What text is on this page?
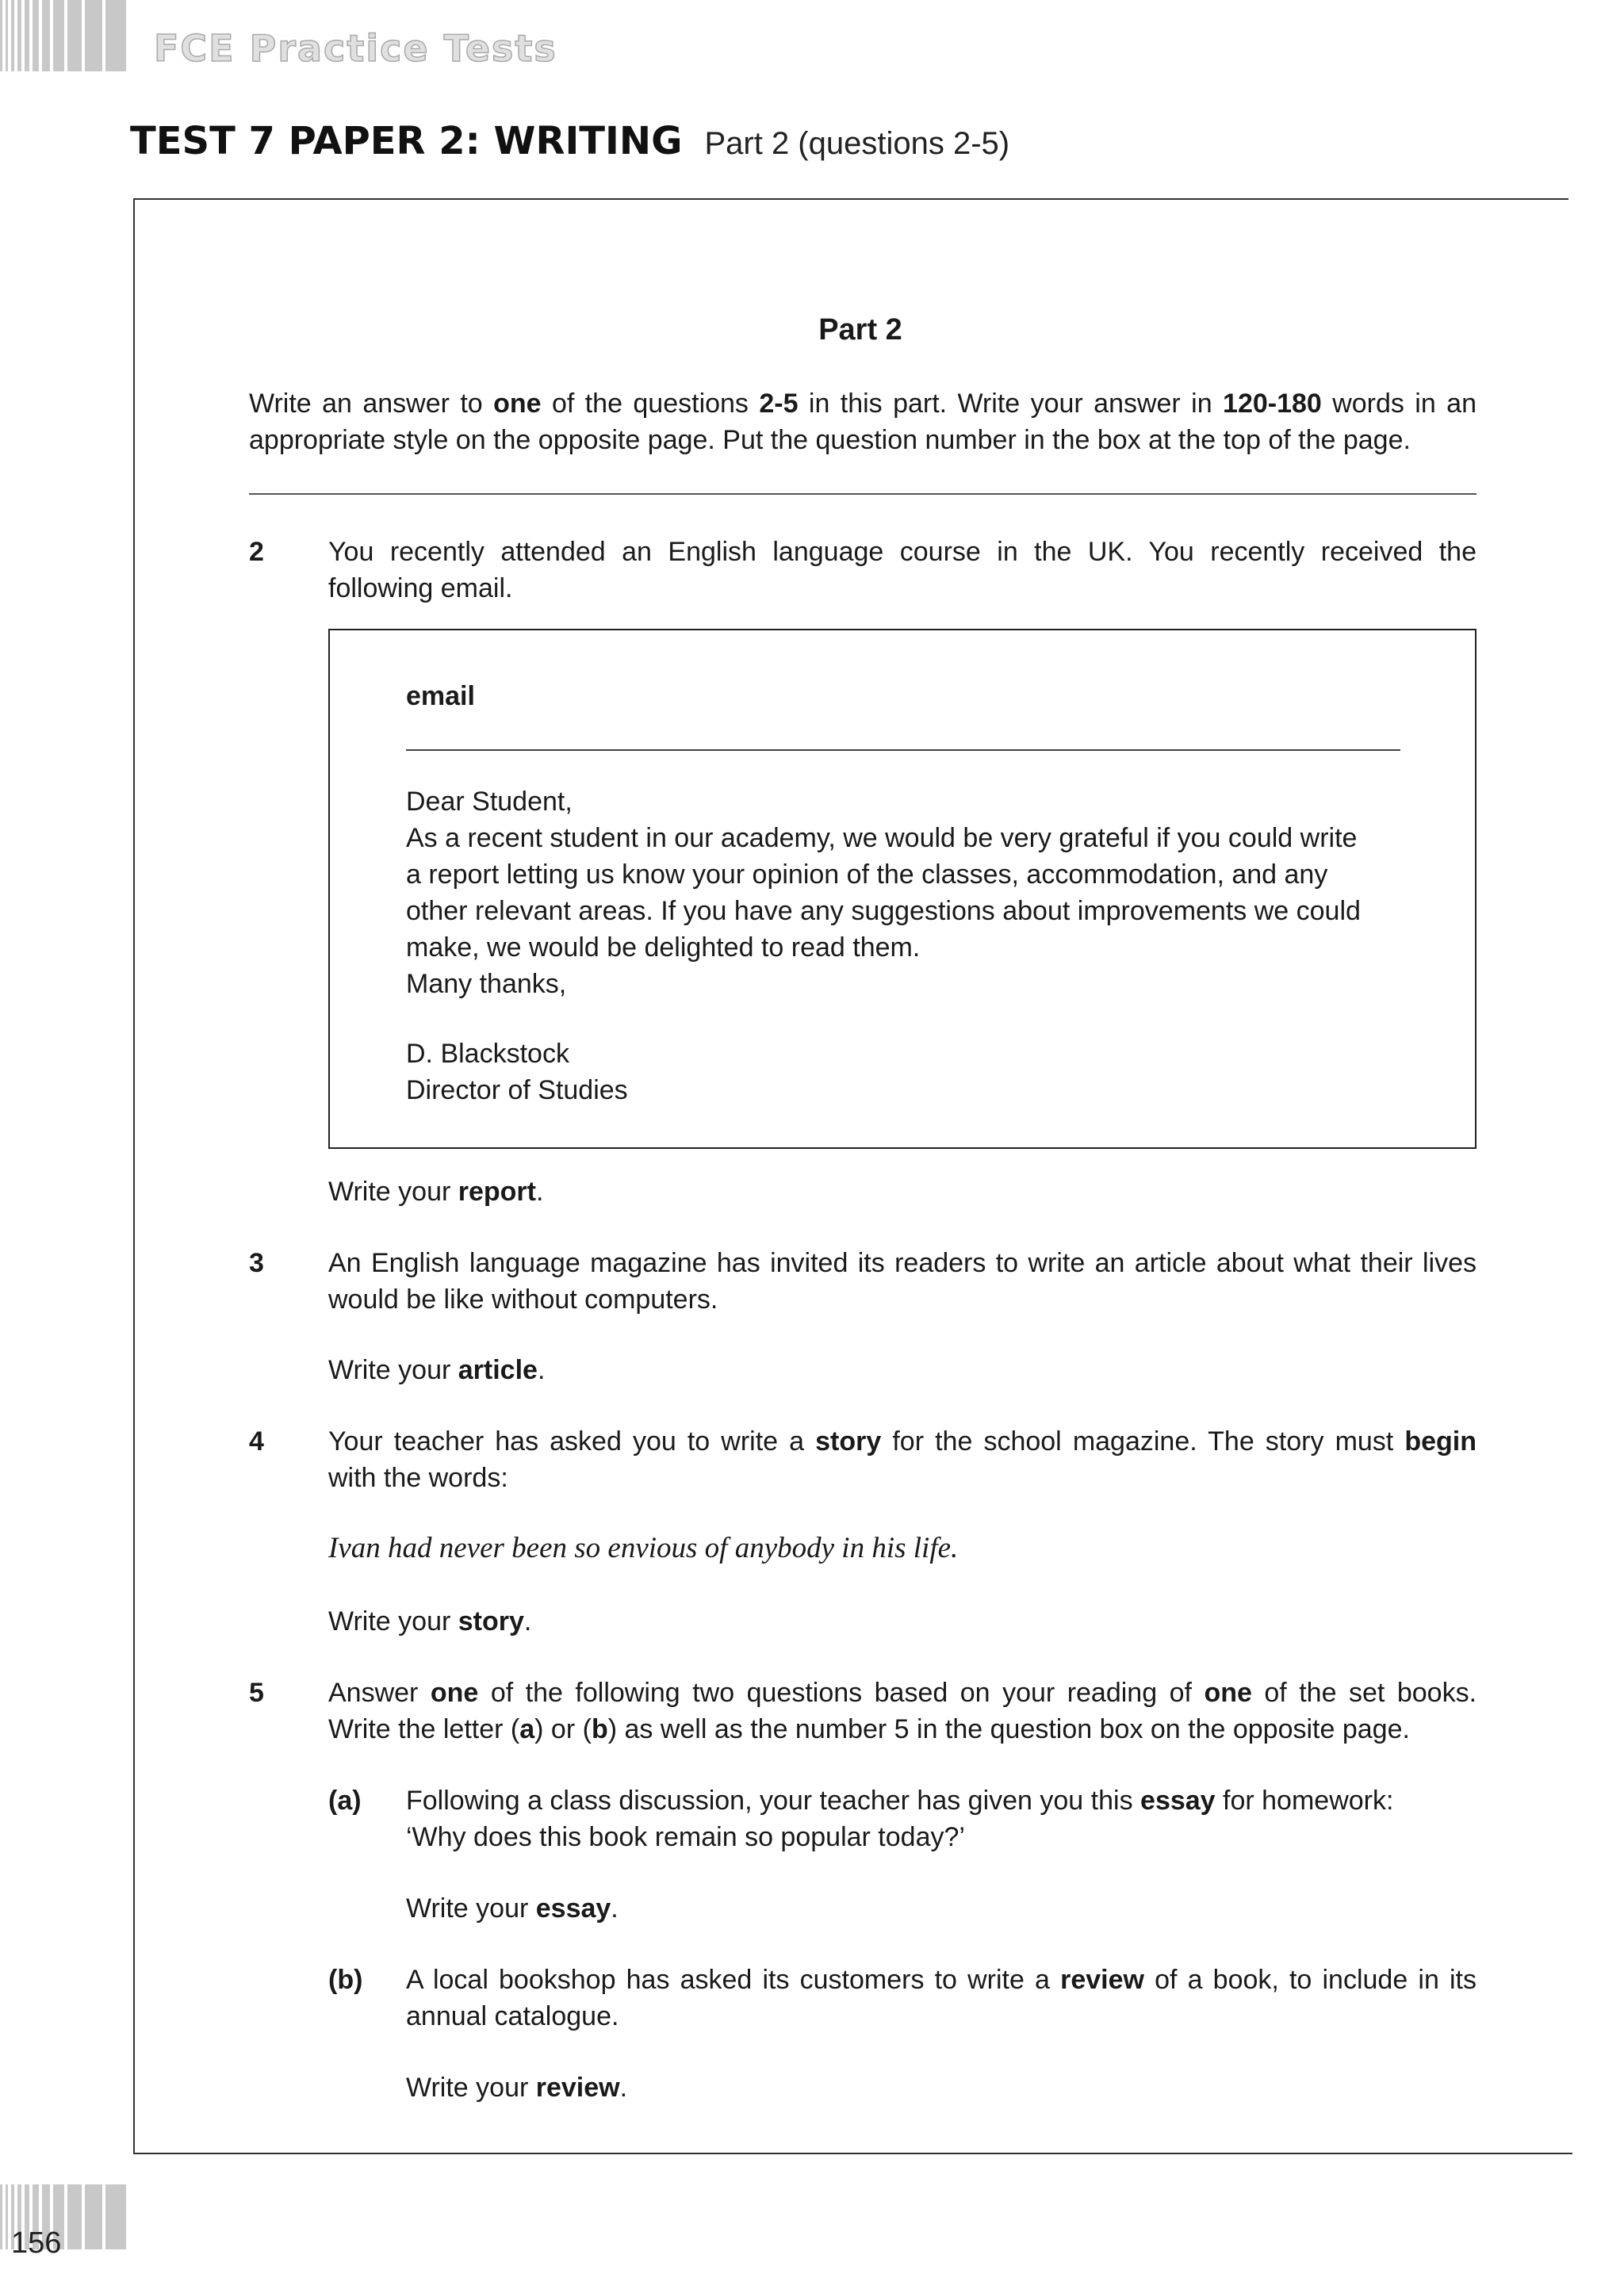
FCE Practice Tests
TEST 7 PAPER 2: WRITING Part 2 (questions 2-5)
Part 2
Write an answer to one of the questions 2-5 in this part. Write your answer in 120-180 words in an
appropriate style on the opposite page. Put the question number in the box at the top of the page.
2 You recently attended an English language course in the UK. You recently received the
following email.
email
Dear Student,
As a recent student in our academy, we would be very grateful if you could write
a report letting us know your opinion of the classes, accommodation, and any
other relevant areas. If you have any suggestions about improvements we could
make, we would be delighted to read them.
Many thanks,
D. Blackstock
Director of Studies
Write your report.
3 An English language magazine has invited its readers to write an article about what their lives
would be like without computers.
Write your article.
4 Your teacher has asked you to write a story for the school magazine. The story must begin
with the words:
Ivan had never been so envious of anybody in his life.
Write your story.
5 Answer one of the following two questions based on your reading of one of the set books.
Write the letter (a) or (b) as well as the number 5 in the question box on the opposite page.
(a) Following a class discussion, your teacher has given you this essay for homework:
‘Why does this book remain so popular today?’
Write your essay.
(b) A local bookshop has asked its customers to write a review of a book, to include in its
annual catalogue.
Write your review.
156
